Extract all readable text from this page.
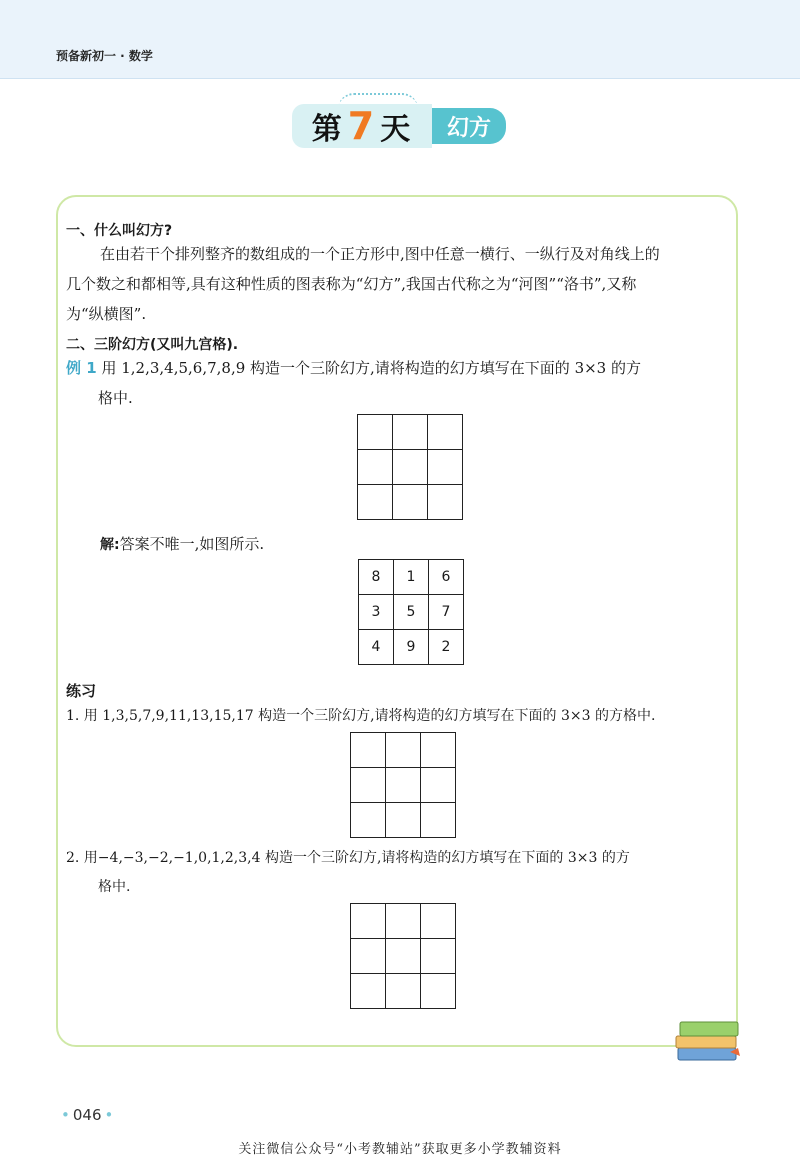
预备新初一 · 数学
第 7 天	幻方
一、什么叫幻方?
在由若干个排列整齐的数组成的一个正方形中,图中任意一横行、一纵行及对角线上的
几个数之和都相等,具有这种性质的图表称为“幻方”,我国古代称之为“河图”“洛书”,又称
为“纵横图”.
二、三阶幻方(又叫九宫格).
例 1 用 1,2,3,4,5,6,7,8,9 构造一个三阶幻方,请将构造的幻方填写在下面的 3×3 的方
格中.

解:答案不唯一,如图所示.
8	1	6
3	5	7
4	9	2
练习
1. 用 1,3,5,7,9,11,13,15,17 构造一个三阶幻方,请将构造的幻方填写在下面的 3×3 的方格中.

2. 用−4,−3,−2,−1,0,1,2,3,4 构造一个三阶幻方,请将构造的幻方填写在下面的 3×3 的方
格中.

• 046 •
关注微信公众号“小考教辅站”获取更多小学教辅资料
